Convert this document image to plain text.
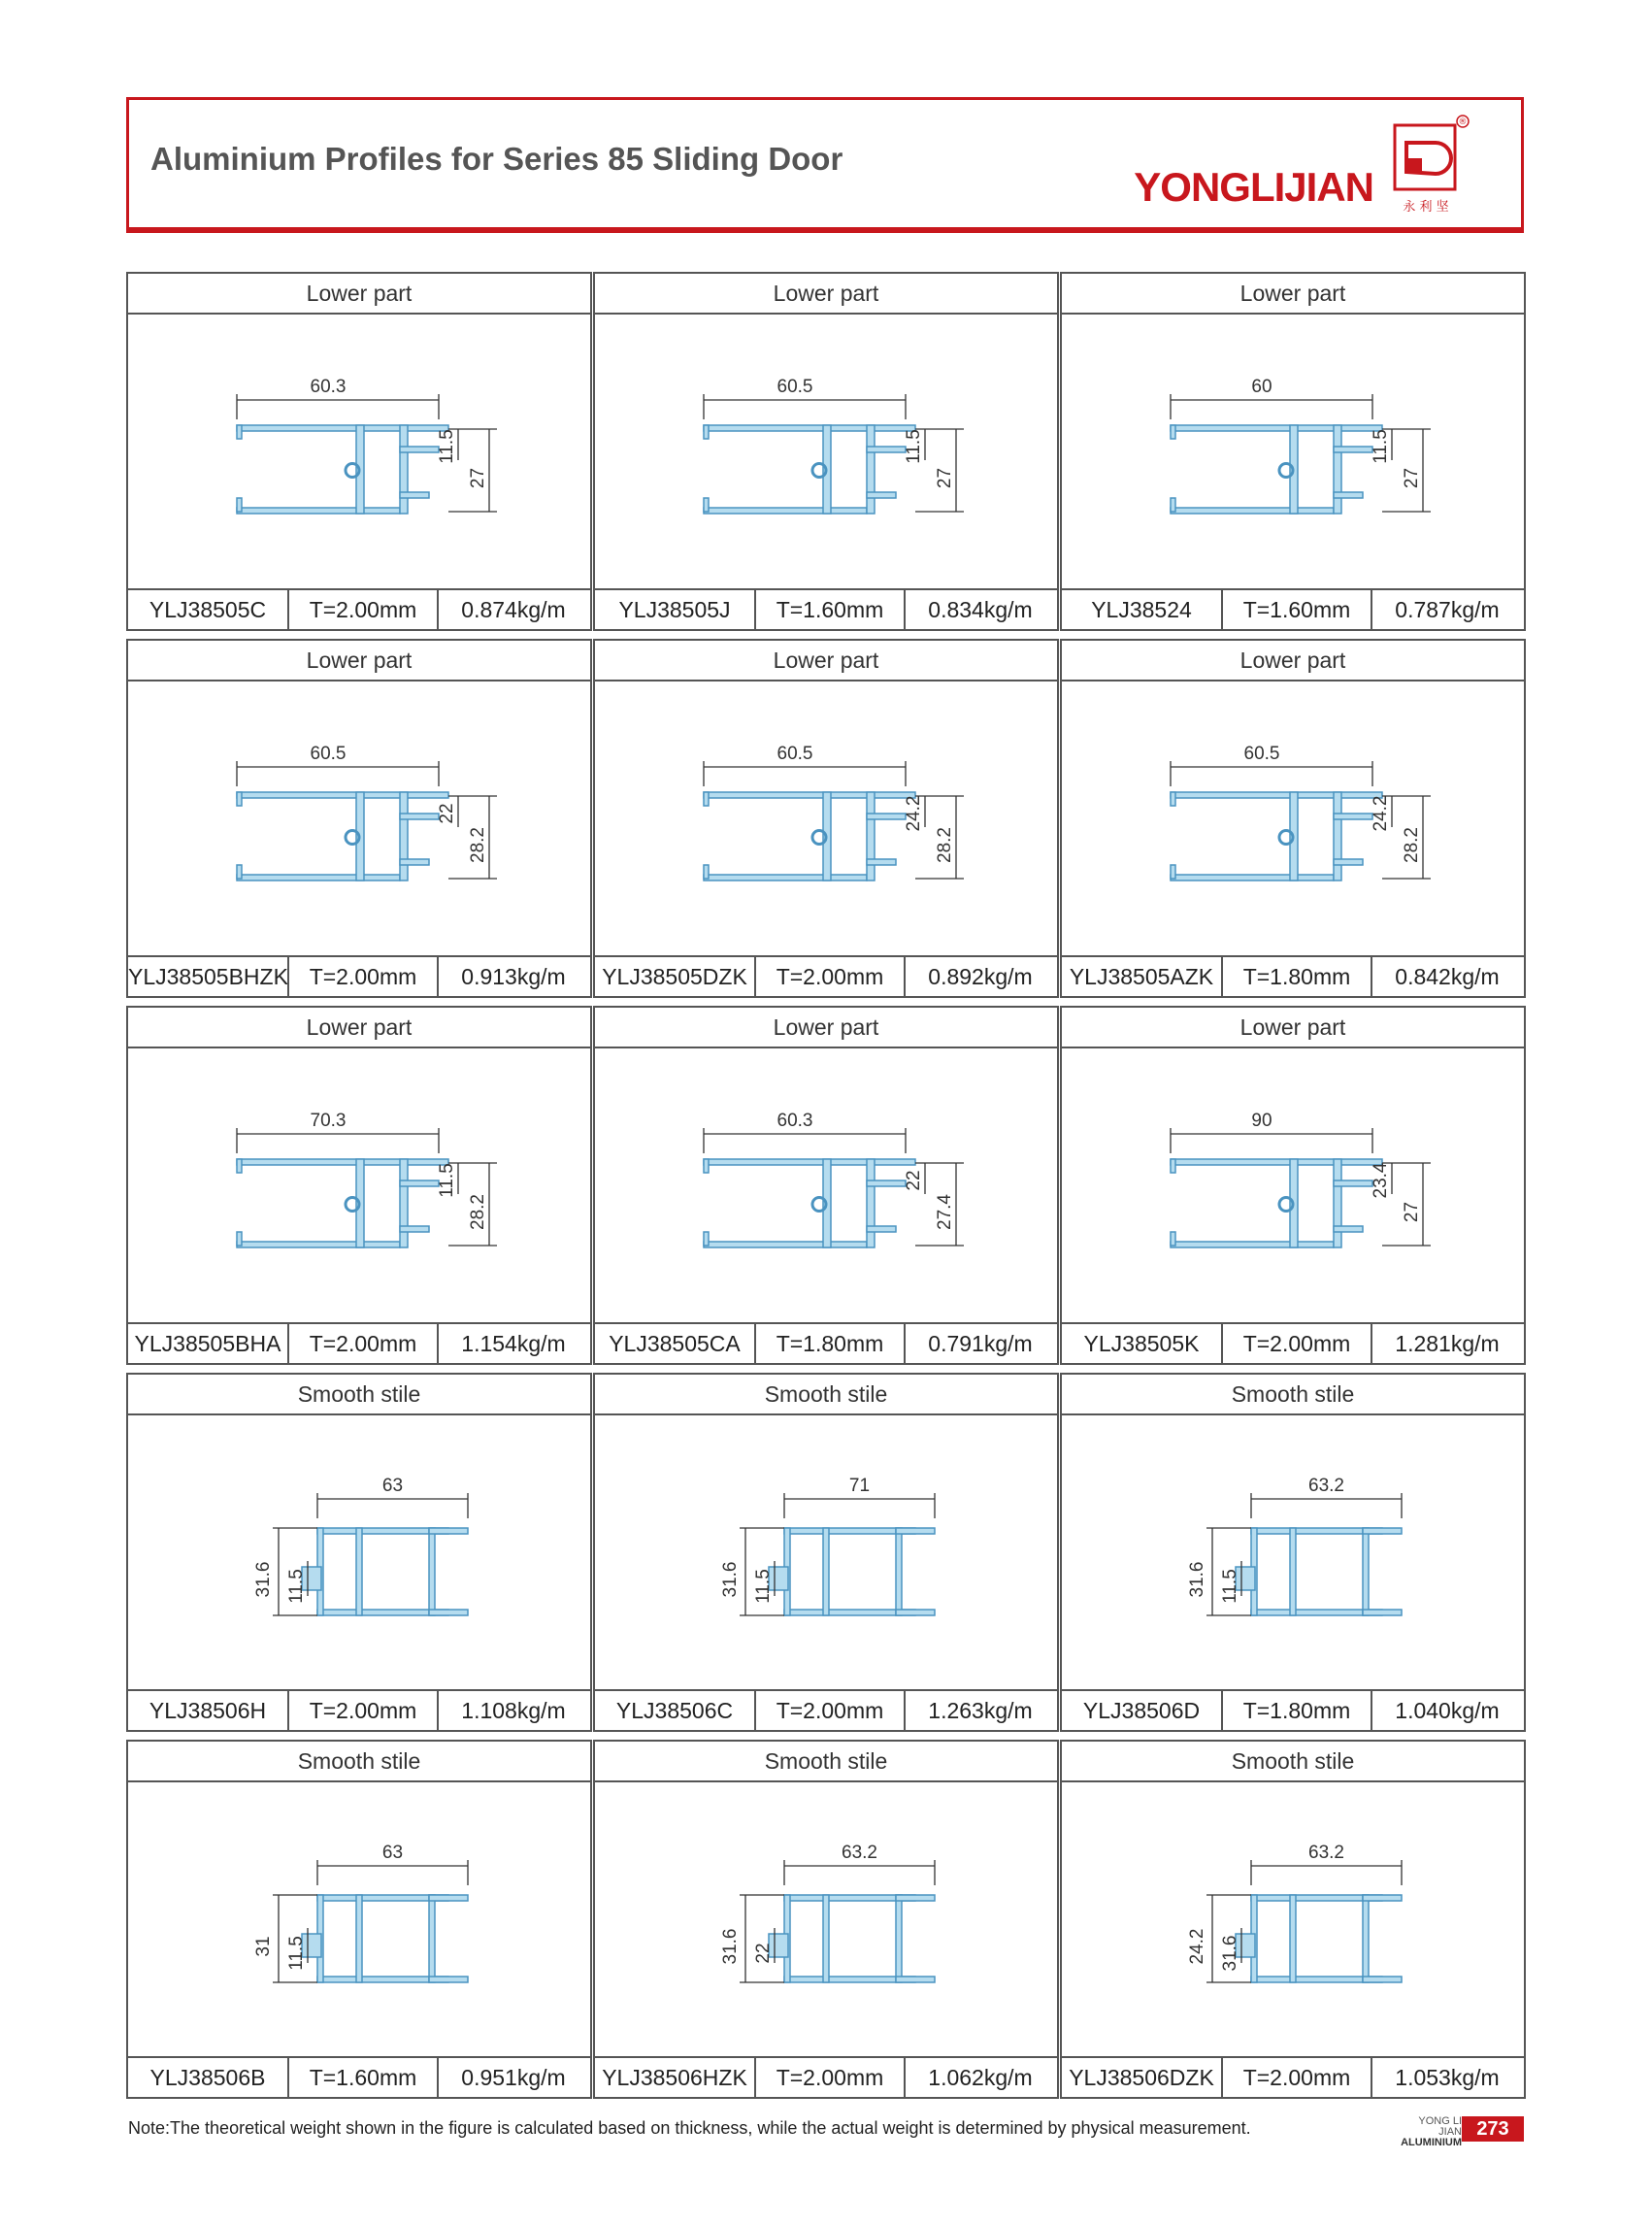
Aluminium Profiles for Series 85 Sliding Door
YONGLIJIAN
®
永 利 坚
Lower part
60.3
11.5
27
YLJ38505C	T=2.00mm	0.874kg/m
Lower part
60.5
11.5
27
YLJ38505J	T=1.60mm	0.834kg/m
Lower part
60
11.5
27
YLJ38524	T=1.60mm	0.787kg/m
Lower part
60.5
22
28.2
YLJ38505BHZK T=2.00mm	0.913kg/m
Lower part
60.5
24.2
28.2
YLJ38505DZK	T=2.00mm	0.892kg/m
Lower part
60.5
24.2
28.2
YLJ38505AZK	T=1.80mm	0.842kg/m
Lower part
70.3
11.5
28.2
YLJ38505BHA	T=2.00mm	1.154kg/m
Lower part
60.3
22
27.4
YLJ38505CA	T=1.80mm	0.791kg/m
Lower part
90
23.4
27
YLJ38505K	T=2.00mm	1.281kg/m
Smooth stile
63
31.6 11.5
YLJ38506H	T=2.00mm	1.108kg/m
Smooth stile
71
31.6 11.5
YLJ38506C	T=2.00mm	1.263kg/m
Smooth stile
63.2
31.6 11.5
YLJ38506D	T=1.80mm	1.040kg/m
Smooth stile
63
31 11.5
YLJ38506B	T=1.60mm	0.951kg/m
Smooth stile
63.2
31.6 22
YLJ38506HZK	T=2.00mm	1.062kg/m
Smooth stile
63.2
24.2 31.6
YLJ38506DZK	T=2.00mm	1.053kg/m
Note:The theoretical weight shown in the figure is calculated based on thickness, while the actual weight is determined by physical measurement.	YONG LI JIAN
ALUMINIUM
273
